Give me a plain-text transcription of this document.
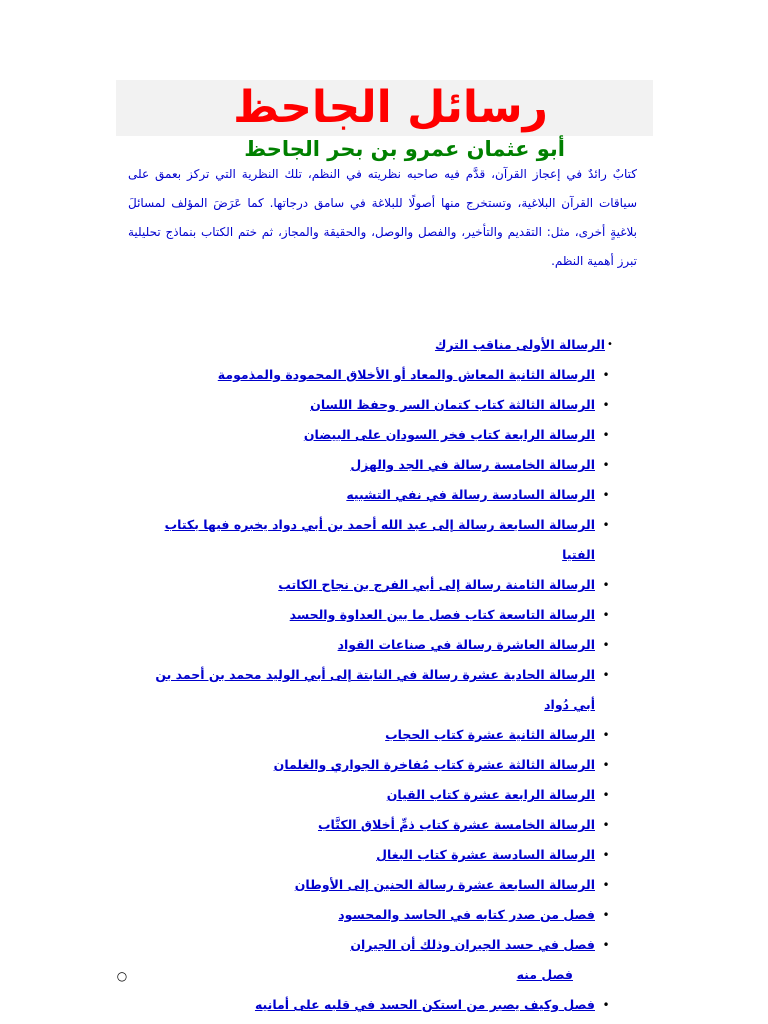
رسائل الجاحظ
أبو عثمان عمرو بن بحر الجاحظ

كتابٌ رائدٌ في إعجاز القرآن، قدَّم فيه صاحبه نظريته في النظم، تلك النظرية التي تركز بعمق على سياقات القرآن البلاغية، وتستخرج منها أصولًا للبلاغة في سامق درجاتها. كما عَرَضَ المؤلف لمسائلَ بلاغيةٍ أخرى، مثل: التقديم والتأخير، والفصل والوصل، والحقيقة والمجاز، ثم ختم الكتاب بنماذج تحليلية تبرز أهمية النظم.

•
الرسالة الأولى مناقب الترك
•
الرسالة الثانية المعاش والمعاد أو الأخلاق المحمودة والمذمومة
•
الرسالة الثالثة كتاب كتمان السر وحفظ اللسان
•
الرسالة الرابعة كتاب فخر السودان على البيضان
•
الرسالة الخامسة رسالة في الجد والهزل
•
الرسالة السادسة رسالة في نفي التشبيه
•
الرسالة السابعة رسالة إلى عبد الله أحمد بن أبي دواد يخبره فيها بكتاب الفتيا
•
الرسالة الثامنة رسالة إلى أبي الفرج بن نجاح الكاتب
•
الرسالة التاسعة كتاب فصل ما بين العداوة والحسد
•
الرسالة العاشرة رسالة في صناعات القواد
•
الرسالة الحادية عشرة رسالة في النابتة إلى أبي الوليد محمد بن أحمد بن أبي دُواد
•
الرسالة الثانية عشرة كتاب الحجاب
•
الرسالة الثالثة عشرة كتاب مُفاخرة الجواري والغلمان
•
الرسالة الرابعة عشرة كتاب القيان
•
الرسالة الخامسة عشرة كتاب ذمِّ أخلاق الكتَّاب
•
الرسالة السادسة عشرة كتاب البغال
•
الرسالة السابعة عشرة رسالة الحنين إلى الأوطان
•
فصل من صدر كتابه في الحاسد والمحسود
•
فصل في حسد الجيران وذلك أن الجيران
فصل منه
○
•
فصل وكيف يصبر من استكن الحسد في قلبه على أمانيه
